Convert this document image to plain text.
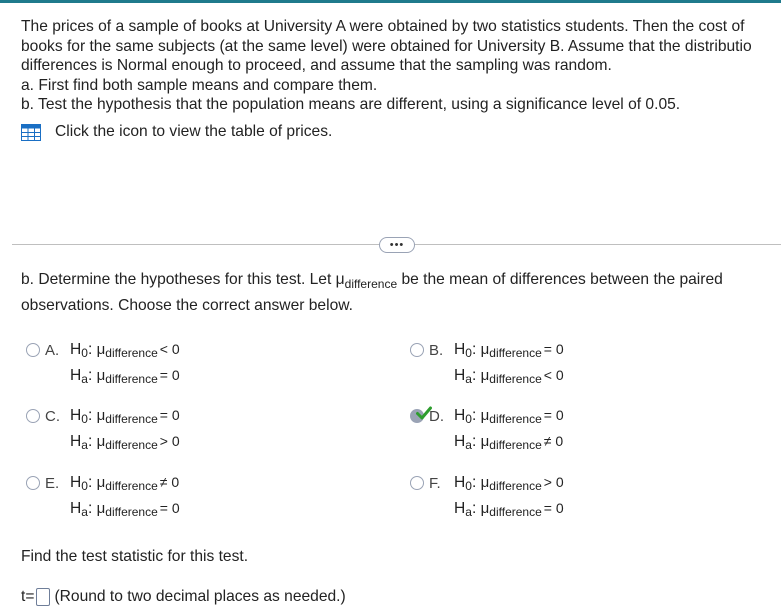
The prices of a sample of books at University A were obtained by two statistics students. Then the cost of
books for the same subjects (at the same level) were obtained for University B. Assume that the distributio
differences is Normal enough to proceed, and assume that the sampling was random.
a. First find both sample means and compare them.
b. Test the hypothesis that the population means are different, using a significance level of 0.05.
Click the icon to view the table of prices.
•••
b. Determine the hypotheses for this test. Let $\mu_{difference}$ be the mean of differences between the paired
observations. Choose the correct answer below.
A. $H_0$: $\mu_{difference} < 0$
$H_a$: $\mu_{difference} = 0$
B. $H_0$: $\mu_{difference} = 0$
$H_a$: $\mu_{difference} < 0$
C. $H_0$: $\mu_{difference} = 0$
$H_a$: $\mu_{difference} > 0$
D. $H_0$: $\mu_{difference} = 0$
$H_a$: $\mu_{difference} \ne 0$
E. $H_0$: $\mu_{difference} \ne 0$
$H_a$: $\mu_{difference} = 0$
F. $H_0$: $\mu_{difference} > 0$
$H_a$: $\mu_{difference} = 0$
Find the test statistic for this test.
t= (Round to two decimal places as needed.)
